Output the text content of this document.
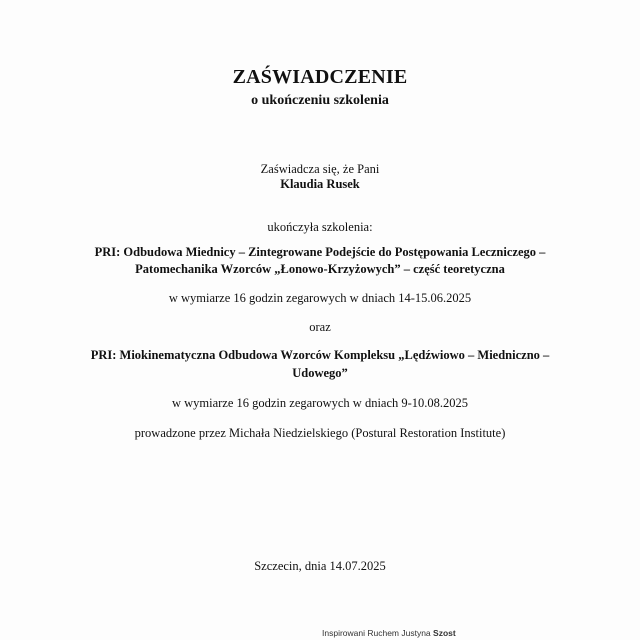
ZAŚWIADCZENIE
o ukończeniu szkolenia
Zaświadcza się, że Pani
Klaudia Rusek
ukończyła szkolenia:
PRI: Odbudowa Miednicy – Zintegrowane Podejście do Postępowania Leczniczego –
Patomechanika Wzorców „Łonowo-Krzyżowych” – część teoretyczna
w wymiarze 16 godzin zegarowych w dniach 14-15.06.2025
oraz
PRI: Miokinematyczna Odbudowa Wzorców Kompleksu „Lędźwiowo – Miedniczno –
Udowego”
w wymiarze 16 godzin zegarowych w dniach 9-10.08.2025
prowadzone przez Michała Niedzielskiego (Postural Restoration Institute)
Szczecin, dnia 14.07.2025
Inspirowani Ruchem Justyna Szost
